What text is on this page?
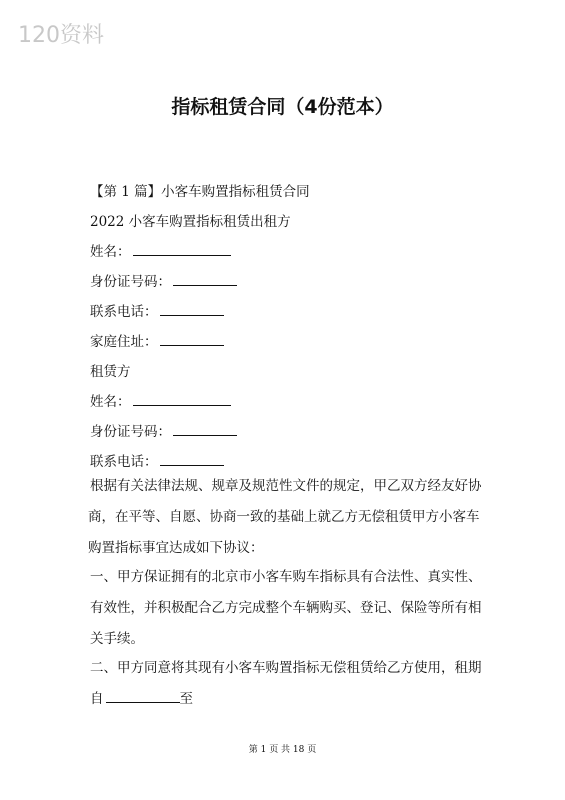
120资料
指标租赁合同（4份范本）
【第 1 篇】小客车购置指标租赁合同
2022 小客车购置指标租赁出租方
姓名：
身份证号码：
联系电话：
家庭住址：
租赁方
姓名：
身份证号码：
联系电话：
根据有关法律法规、规章及规范性文件的规定，甲乙双方经友好协
商，在平等、自愿、协商一致的基础上就乙方无偿租赁甲方小客车
购置指标事宜达成如下协议：
一、甲方保证拥有的北京市小客车购车指标具有合法性、真实性、
有效性，并积极配合乙方完成整个车辆购买、登记、保险等所有相
关手续。
二、甲方同意将其现有小客车购置指标无偿租赁给乙方使用，租期
自	至
第 1 页 共 18 页
